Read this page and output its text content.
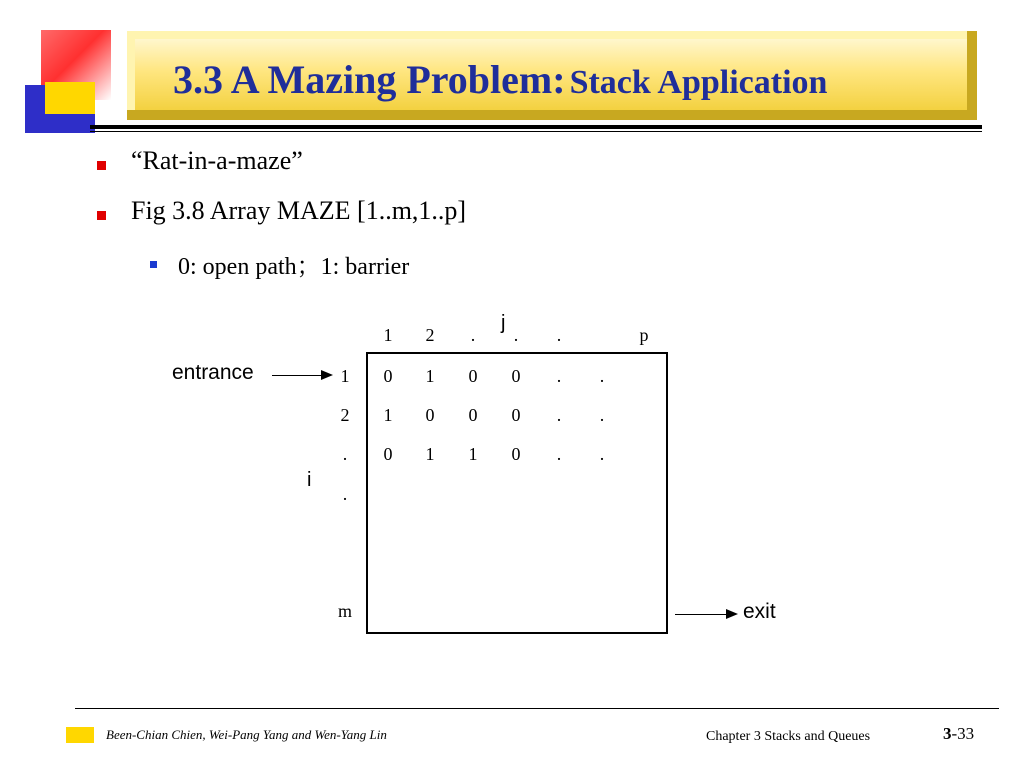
3.3 A Mazing Problem: Stack Application
“Rat-in-a-maze”
Fig 3.8 Array MAZE [1..m,1..p]
0: open path；1: barrier
j
1	2	.	.	.	p
1
2
.
.
m
i
0	1	0	0	.	.
1	0	0	0	.	.
0	1	1	0	.	.
entrance
exit
Been-Chian Chien, Wei-Pang Yang and Wen-Yang Lin	Chapter 3 Stacks and Queues	3-33
